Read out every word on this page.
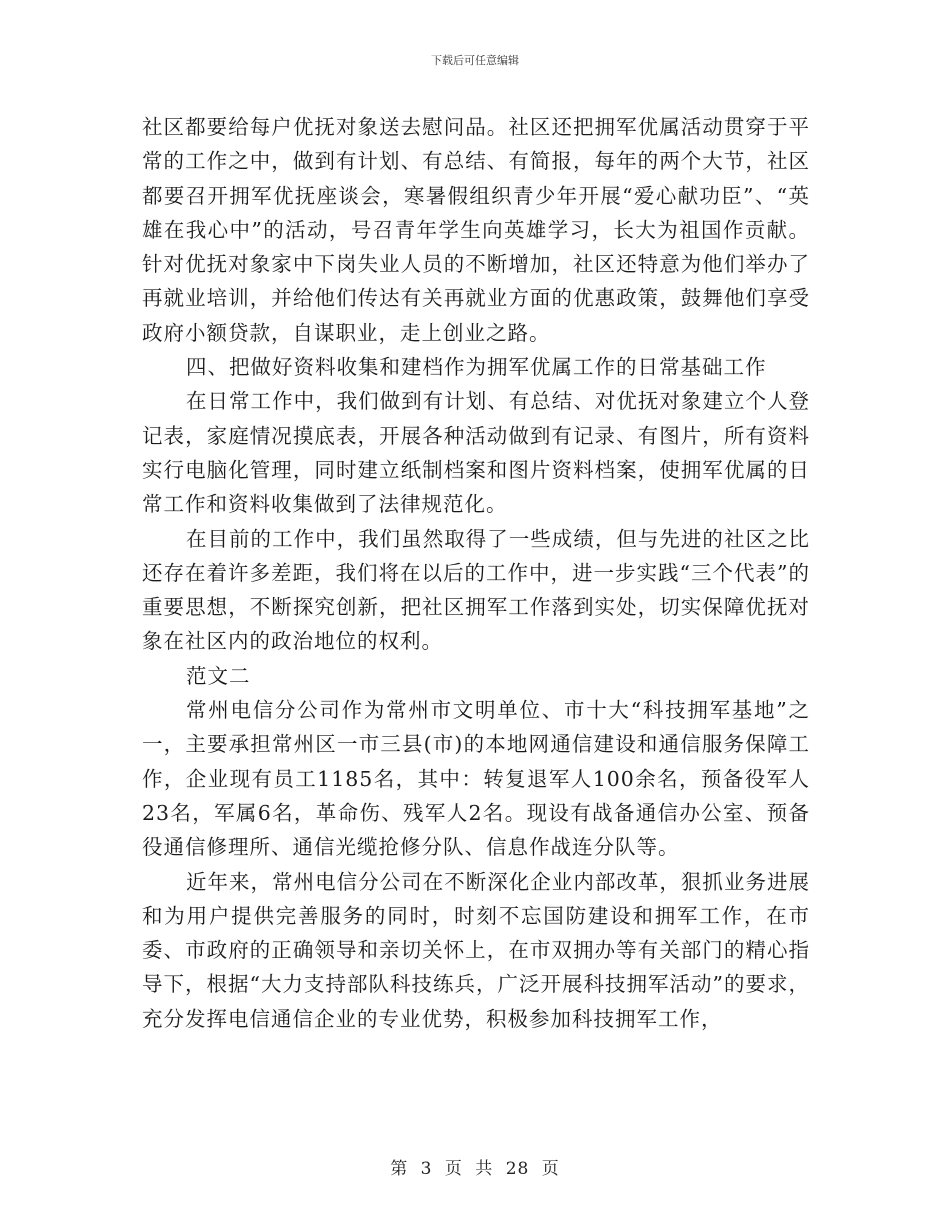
下载后可任意编辑

社区都要给每户优抚对象送去慰问品。社区还把拥军优属活动贯穿于平常的工作之中，做到有计划、有总结、有简报，每年的两个大节，社区都要召开拥军优抚座谈会，寒暑假组织青少年开展“爱心献功臣”、“英雄在我心中”的活动，号召青年学生向英雄学习，长大为祖国作贡献。针对优抚对象家中下岗失业人员的不断增加，社区还特意为他们举办了再就业培训，并给他们传达有关再就业方面的优惠政策，鼓舞他们享受政府小额贷款，自谋职业，走上创业之路。

四、把做好资料收集和建档作为拥军优属工作的日常基础工作

在日常工作中，我们做到有计划、有总结、对优抚对象建立个人登记表，家庭情况摸底表，开展各种活动做到有记录、有图片，所有资料实行电脑化管理，同时建立纸制档案和图片资料档案，使拥军优属的日常工作和资料收集做到了法律规范化。

在目前的工作中，我们虽然取得了一些成绩，但与先进的社区之比还存在着许多差距，我们将在以后的工作中，进一步实践“三个代表”的重要思想，不断探究创新，把社区拥军工作落到实处，切实保障优抚对象在社区内的政治地位的权利。

范文二

常州电信分公司作为常州市文明单位、市十大“科技拥军基地”之一，主要承担常州区一市三县(市)的本地网通信建设和通信服务保障工作，企业现有员工1185名，其中：转复退军人100余名，预备役军人23名，军属6名，革命伤、残军人2名。现设有战备通信办公室、预备役通信修理所、通信光缆抢修分队、信息作战连分队等。

近年来，常州电信分公司在不断深化企业内部改革，狠抓业务进展和为用户提供完善服务的同时，时刻不忘国防建设和拥军工作，在市委、市政府的正确领导和亲切关怀上，在市双拥办等有关部门的精心指导下，根据“大力支持部队科技练兵，广泛开展科技拥军活动”的要求，充分发挥电信通信企业的专业优势，积极参加科技拥军工作，

第 3 页 共 28 页
